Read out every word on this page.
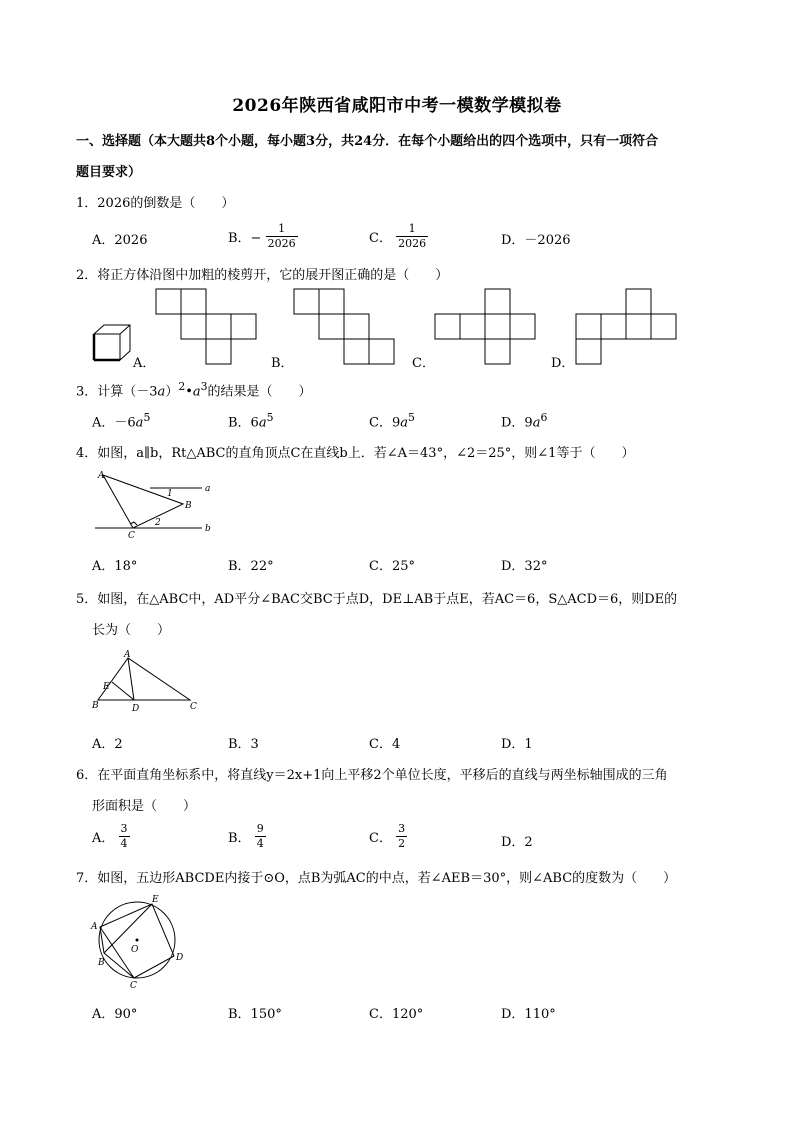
2026年陕西省咸阳市中考一模数学模拟卷
一、选择题（本大题共8个小题，每小题3分，共24分．在每个小题给出的四个选项中，只有一项符合
题目要求）
1．2026的倒数是（　　）
A．2026	B．− $\frac{1}{2026}$	C． $\frac{1}{2026}$	D．－2026
2．将正方体沿图中加粗的棱剪开，它的展开图正确的是（　　）
A．	B．	C．	D．
3．计算$(-3a)^2•a^3$的结果是（　　）
A．$-6a^5$	B．$6a^5$	C．$9a^5$	D．$9a^6$
4．如图，a∥b，Rt△ABC的直角顶点C在直线b上．若∠A＝43°，∠2＝25°，则∠1等于（　　）
A
B
C
a
b
1
2
A．18°	B．22°	C．25°	D．32°
5．如图，在△ABC中，AD平分∠BAC交BC于点D，DE⊥AB于点E，若AC＝6，S△ACD＝6，则DE的
长为（　　）
A
B	C
D
E
A．2	B．3	C．4	D．1
6．在平面直角坐标系中，将直线y＝2x+1向上平移2个单位长度，平移后的直线与两坐标轴围成的三角
形面积是（　　）
A． $\frac{3}{4}$	B． $\frac{9}{4}$	C． $\frac{3}{2}$	D．2
7．如图，五边形ABCDE内接于⊙O，点B为弧AC的中点，若∠AEB＝30°，则∠ABC的度数为（　　）
A
B
C
D
E
O
A．90°	B．150°	C．120°	D．110°
